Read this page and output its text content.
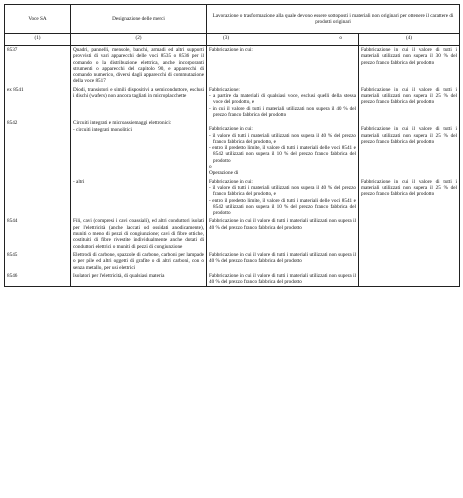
Voce SA	Designazione delle merci	Lavorazione o trasformazione alla quale devono essere sottoposti i materiali non originari per ottenere il carattere di prodotti originari	
(1)	(2)	(3) o	(4)
8537	Quadri, pannelli, mensole, banchi, armadi ed altri supporti provvisti di vari apparecchi delle voci 8535 o 8536 per il comando o la distribuzione elettrica, anche incorporanti strumenti o apparecchi del capitolo 90, e apparecchi di comando numerico, diversi dagli apparecchi di commutazione della voce 8517	Fabbricazione in cui:	Fabbricazione in cui il valore di tutti i materiali utilizzati non supera il 30 % del prezzo franco fabbrica del prodotto
ex 8541	Diodi, transistori e simili dispositivi a semiconduttore, esclusi i dischi (wafers) non ancora tagliati in microplacchette	Fabbricazione:
- a partire da materiali di qualsiasi voce, esclusi quelli della stessa voce del prodotto, e
- in cui il valore di tutti i materiali utilizzati non supera il 40 % del prezzo franco fabbrica del prodotto	Fabbricazione in cui il valore di tutti i materiali utilizzati non supera il 25 % del prezzo franco fabbrica del prodotto
8542	Circuiti integrati e microassiemaggi elettronici:
- circuiti integrati monolitici	Fabbricazione in cui:
- il valore di tutti i materiali utilizzati non supera il 40 % del prezzo franco fabbrica del prodotto, e
- entro il predetto limite, il valore di tutti i materiali delle voci 8541 e 8542 utilizzati non supera il 10 % del prezzo franco fabbrica del prodotto
o
Operazione di	Fabbricazione in cui il valore di tutti i materiali utilizzati non supera il 25 % del prezzo franco fabbrica del prodotto

	- altri	Fabbricazione in cui:
- il valore di tutti i materiali utilizzati non supera il 40 % del prezzo franco fabbrica del prodotto, e
- entro il predetto limite, il valore di tutti i materiali delle voci 8541 e 8542 utilizzati non supera il 10 % del prezzo franco fabbrica del prodotto	Fabbricazione in cui il valore di tutti i materiali utilizzati non supera il 25 % del prezzo franco fabbrica del prodotto
8544	Fili, cavi (compresi i cavi coassiali), ed altri conduttori isolati per l'elettricità (anche laccati od ossidati anodicamente), muniti o meno di pezzi di congiunzione; cavi di fibre ottiche, costituiti di fibre rivestite individualmente anche dotati di conduttori elettrici o muniti di pezzi di congiunzione	Fabbricazione in cui il valore di tutti i materiali utilizzati non supera il 40 % del prezzo franco fabbrica del prodotto	
8545	Elettrodi di carbone, spazzole di carbone, carboni per lampade o per pile ed altri oggetti di grafite o di altri carboni, con o senza metallo, per usi elettrici	Fabbricazione in cui il valore di tutti i materiali utilizzati non supera il 40 % del prezzo franco fabbrica del prodotto	
8546	Isolatori per l'elettricità, di qualsiasi materia	Fabbricazione in cui il valore di tutti i materiali utilizzati non supera il 40 % del prezzo franco fabbrica del prodotto	
